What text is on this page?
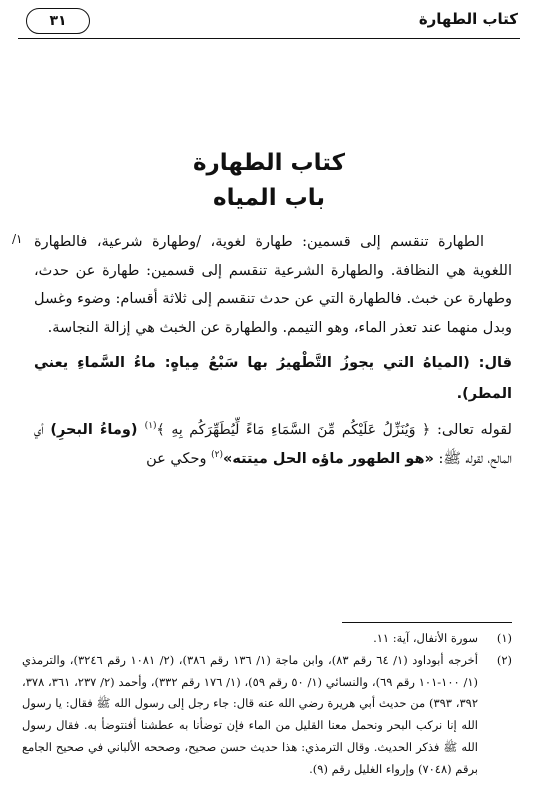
كتاب الطهارة
٣١
كتاب الطهارة
باب المياه
١/ الطهارة تنقسم إلى قسمين: طهارة لغوية، /وطهارة شرعية، فالطهارة اللغوية هي النظافة. والطهارة الشرعية تنقسم إلى قسمين: طهارة عن حدث، وطهارة عن خبث. فالطهارة التي عن حدث تنقسم إلى ثلاثة أقسام: وضوء وغسل وبدل منهما عند تعذر الماء، وهو التيمم. والطهارة عن الخبث هي إزالة النجاسة.

قال: (المياهُ التي يجوزُ التَّطْهيرُ بها سَبْعُ مِياهٍ: ماءُ السَّماءِ يعني المطر).

لقوله تعالى: ﴿ وَيُنَزِّلُ عَلَيْكُم مِّنَ السَّمَاءِ مَاءً لِّيُطَهِّرَكُم بِهِ ﴾$^{(١)}$ (وماءُ البحرِ) أي المالح، لقوله ﷺ: «هو الطهور ماؤه الحل ميتته»$^{(٢)}$ وحكي عن

(١)
سورة الأنفال، آية: ١١.
(٢)
أخرجه أبوداود (١/ ٦٤ رقم ٨٣)، وابن ماجة (١/ ١٣٦ رقم ٣٨٦)، (٢/ ١٠٨١ رقم ٣٢٤٦)، والترمذي (١/ ١٠٠-١٠١ رقم ٦٩)، والنسائي (١/ ٥٠ رقم ٥٩)، (١/ ١٧٦ رقم ٣٣٢)، وأحمد (٢/ ٢٣٧، ٣٦١، ٣٧٨، ٣٩٢، ٣٩٣) من حديث أبي هريرة رضي الله عنه قال: جاء رجل إلى رسول الله ﷺ فقال: يا رسول الله إنا نركب البحر ونحمل معنا القليل من الماء فإن توضأنا به عطشنا أفنتوضأ به. فقال رسول الله ﷺ فذكر الحديث. وقال الترمذي: هذا حديث حسن صحيح، وصححه الألباني في صحيح الجامع برقم (٧٠٤٨) وإرواء الغليل رقم (٩).
